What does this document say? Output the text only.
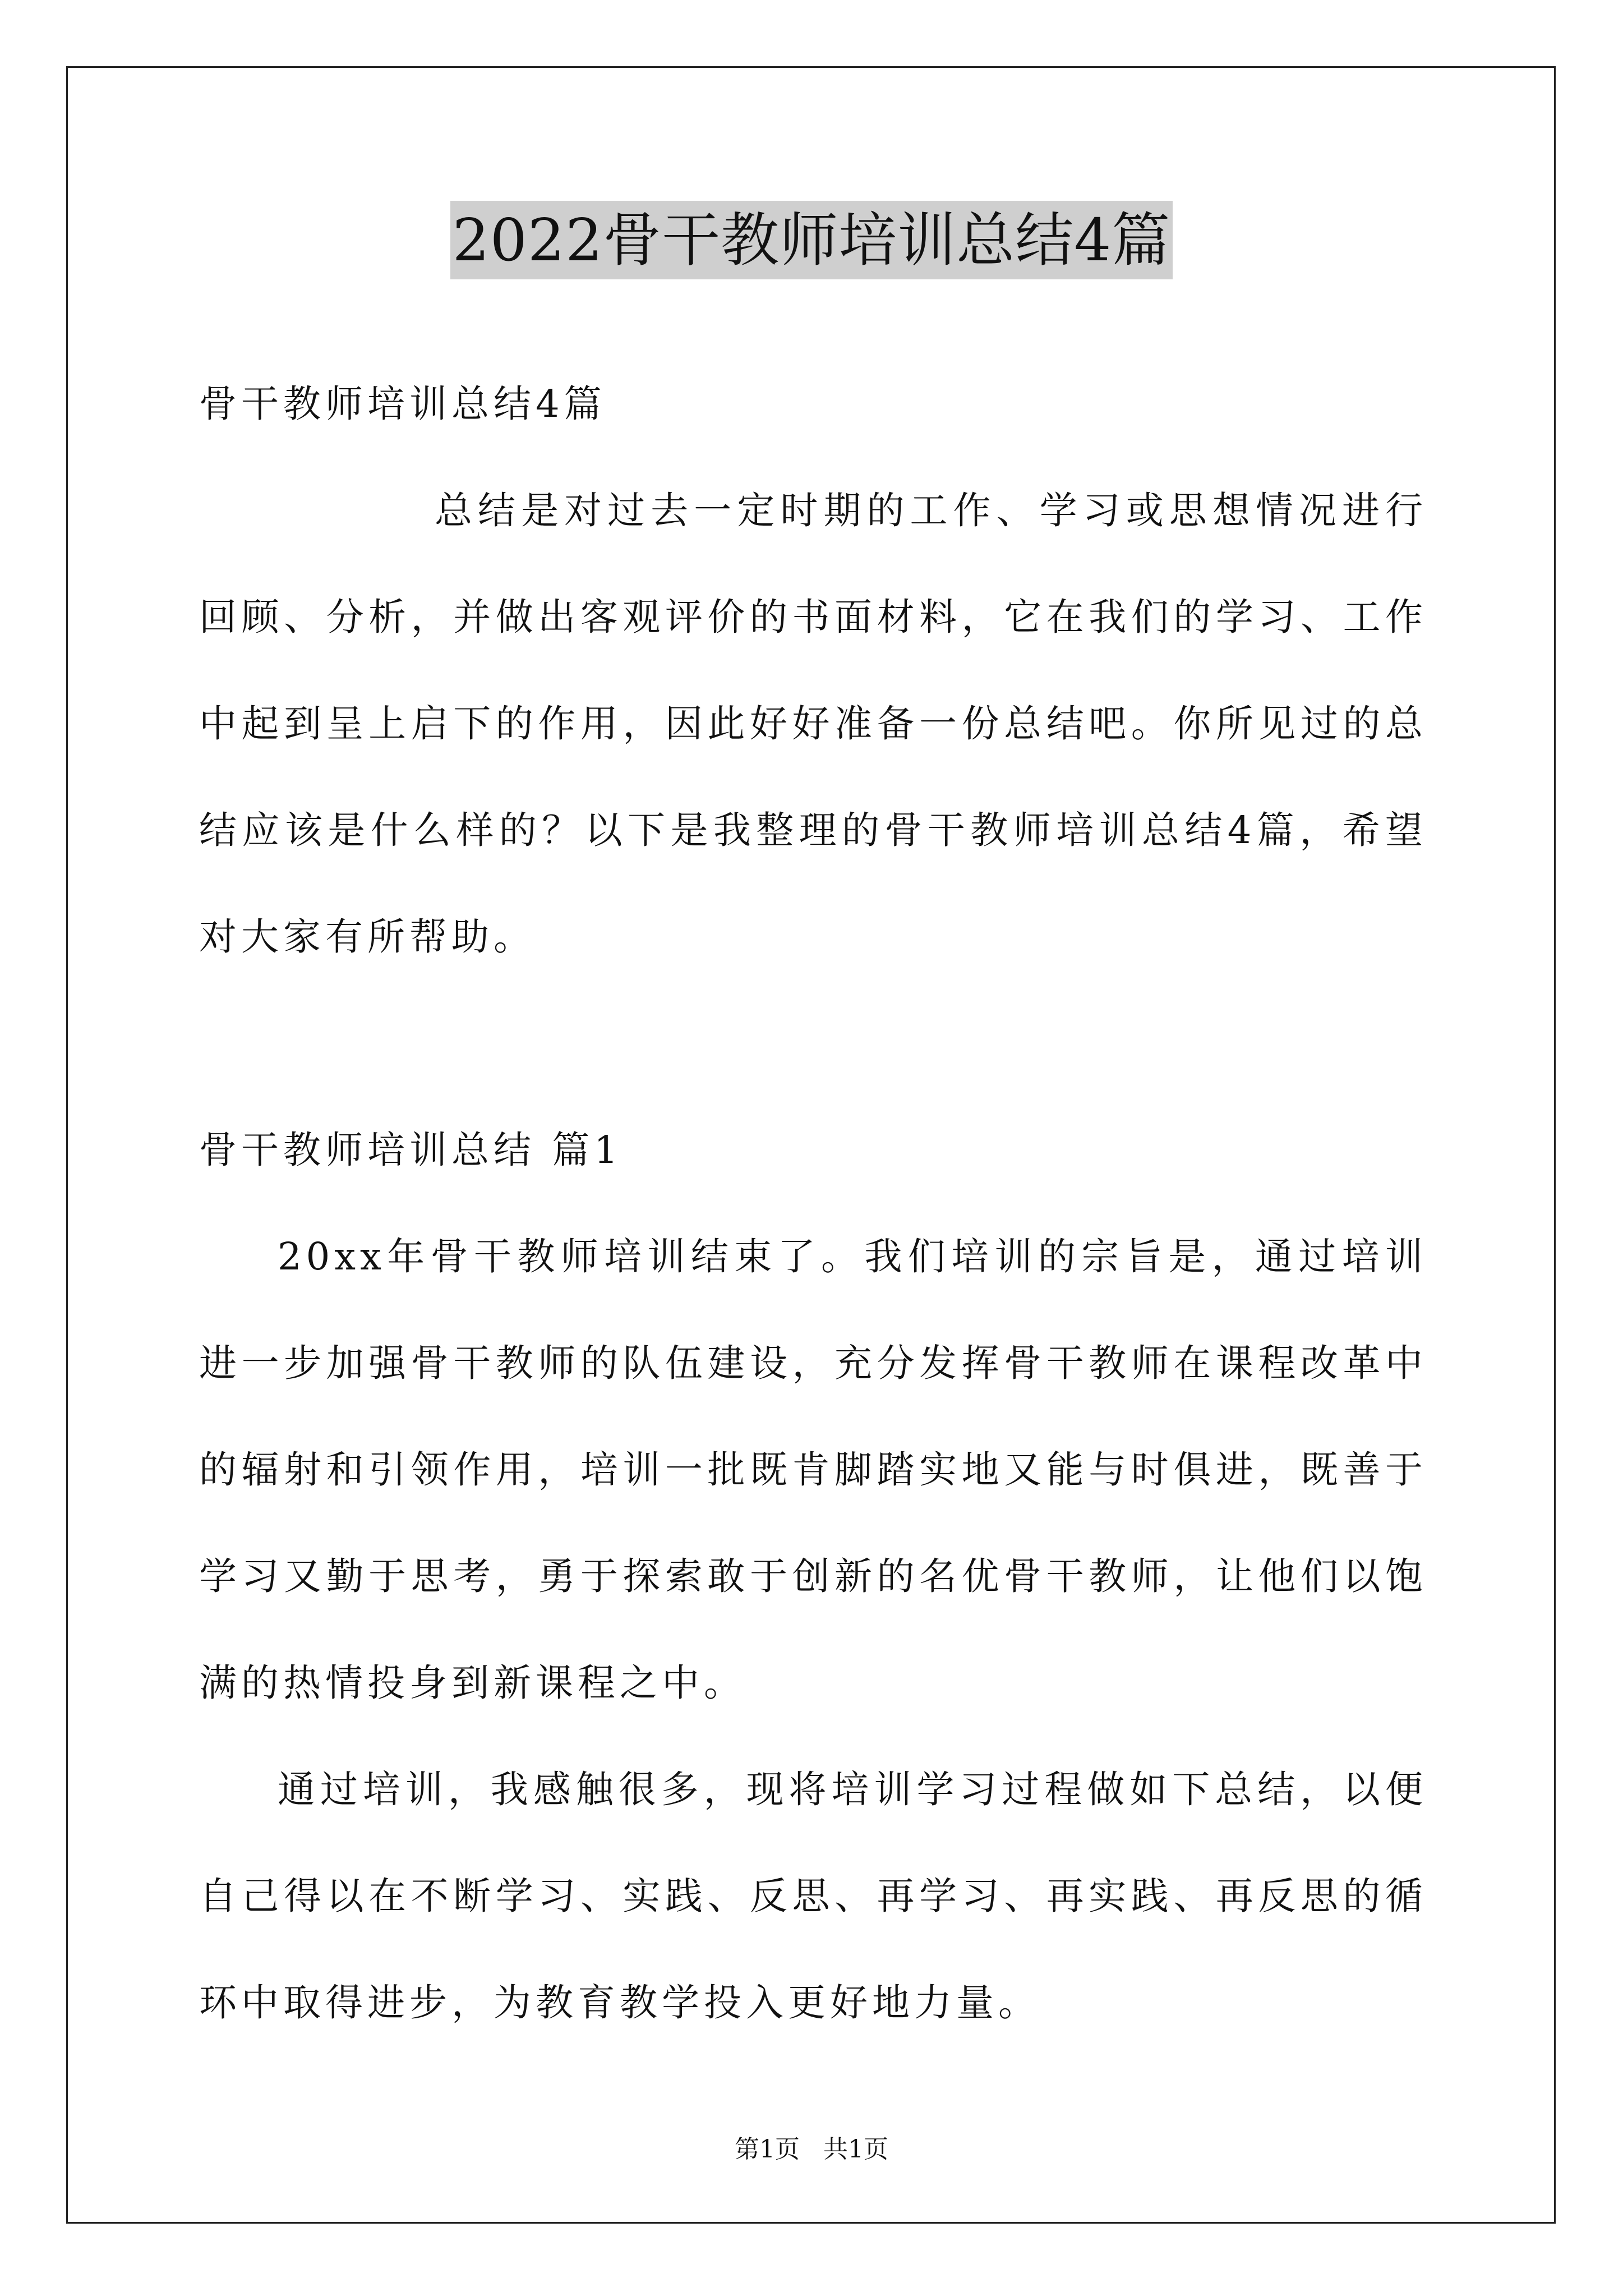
2022骨干教师培训总结4篇

骨干教师培训总结4篇

总结是对过去一定时期的工作、学习或思想情况进行回顾、分析，并做出客观评价的书面材料，它在我们的学习、工作中起到呈上启下的作用，因此好好准备一份总结吧。你所见过的总结应该是什么样的？以下是我整理的骨干教师培训总结4篇，希望对大家有所帮助。

骨干教师培训总结 篇1

20xx年骨干教师培训结束了。我们培训的宗旨是，通过培训进一步加强骨干教师的队伍建设，充分发挥骨干教师在课程改革中的辐射和引领作用，培训一批既肯脚踏实地又能与时俱进，既善于学习又勤于思考，勇于探索敢于创新的名优骨干教师，让他们以饱满的热情投身到新课程之中。

通过培训，我感触很多，现将培训学习过程做如下总结，以便自己得以在不断学习、实践、反思、再学习、再实践、再反思的循环中取得进步，为教育教学投入更好地力量。

第1页 共1页
